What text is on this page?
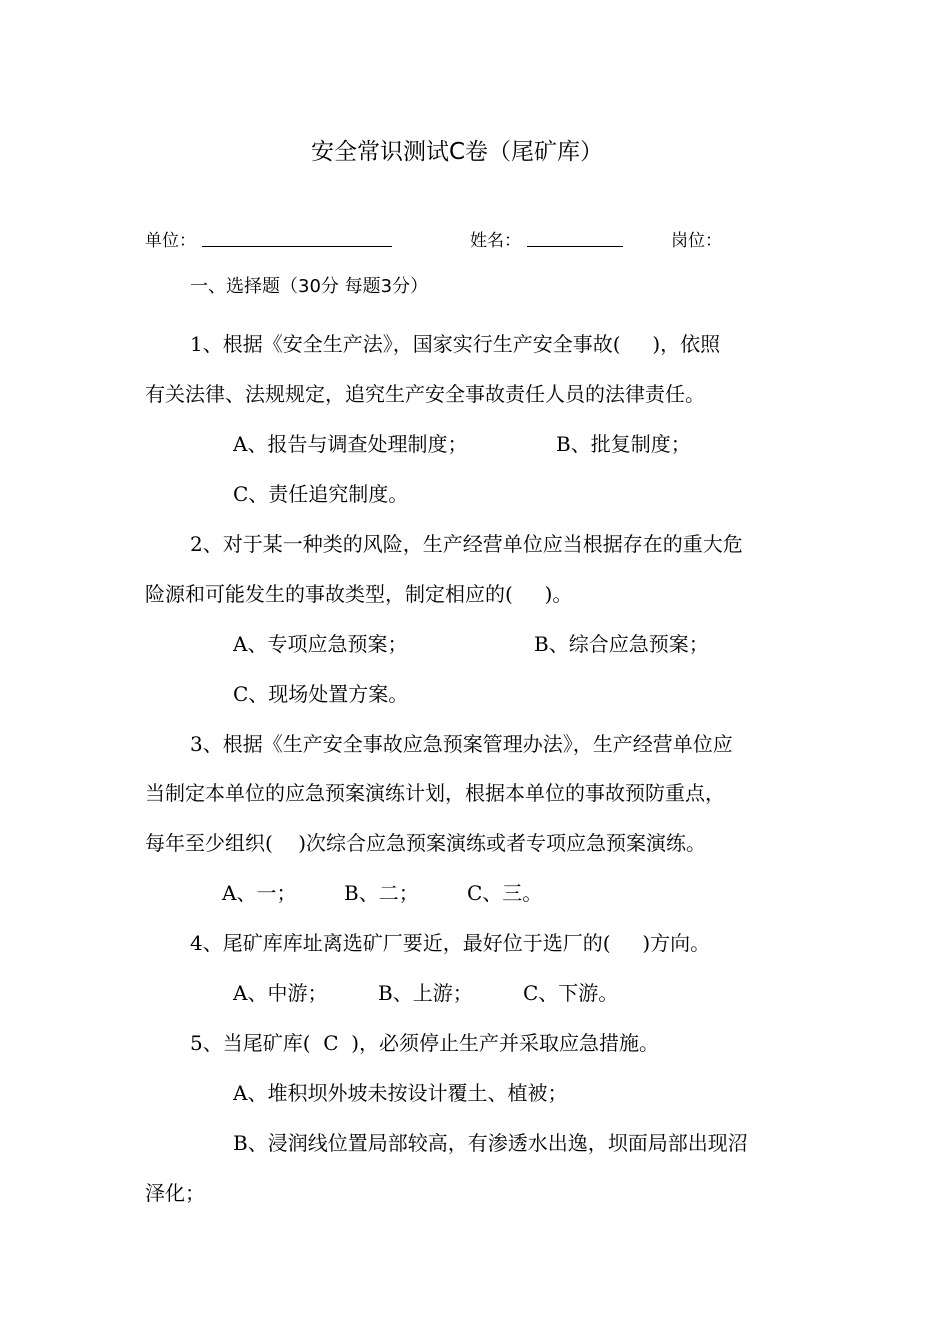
安全常识测试C卷（尾矿库）
单位：	姓名：	岗位：
一、选择题（30分 每题3分）
1、根据《安全生产法》，国家实行生产安全事故(     )，依照
有关法律、法规规定，追究生产安全事故责任人员的法律责任。
A、报告与调查处理制度；	B、批复制度；
C、责任追究制度。
2、对于某一种类的风险，生产经营单位应当根据存在的重大危
险源和可能发生的事故类型，制定相应的(     )。
A、专项应急预案；	B、综合应急预案；
C、现场处置方案。
3、根据《生产安全事故应急预案管理办法》，生产经营单位应
当制定本单位的应急预案演练计划，根据本单位的事故预防重点，
每年至少组织(    )次综合应急预案演练或者专项应急预案演练。
A、一； B、二； C、三。
4、尾矿库库址离选矿厂要近，最好位于选厂的(     )方向。
A、中游；	B、上游；	C、下游。
5、当尾矿库(  C  )，必须停止生产并采取应急措施。
A、堆积坝外坡未按设计覆土、植被；
B、浸润线位置局部较高，有渗透水出逸，坝面局部出现沼
泽化；
